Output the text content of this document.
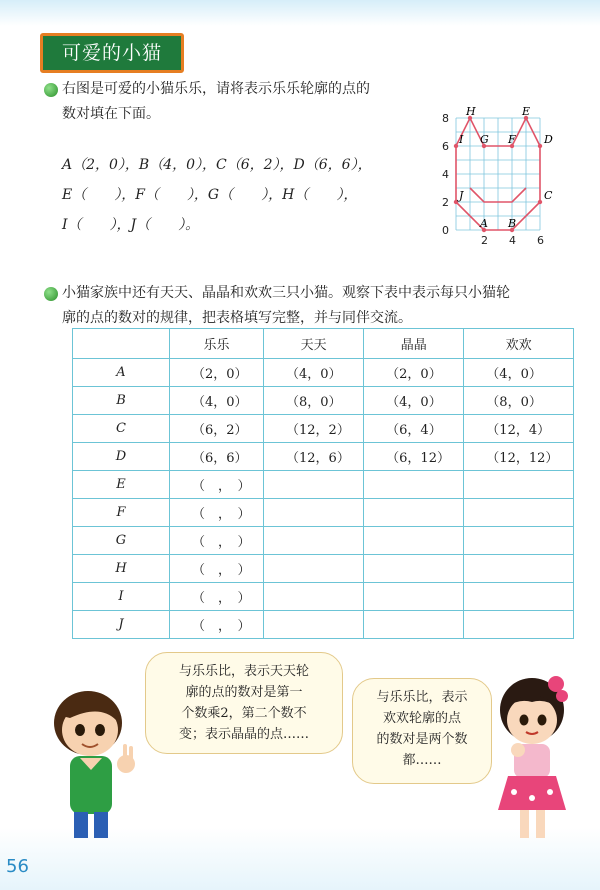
可爱的小猫
右图是可爱的小猫乐乐，请将表示乐乐轮廓的点的
数对填在下面。
A（2，0），B（4，0），C（6，2），D（6，6），
E（　　），F（　　），G（　　），H（　　），
I（　　），J（　　）。
8
6
4
2
0
2 4 6
H	E
G F	D
I
J	C
A B
小猫家族中还有天天、晶晶和欢欢三只小猫。观察下表中表示每只小猫轮
廓的点的数对的规律，把表格填写完整，并与同伴交流。
	乐乐	天天	晶晶	欢欢
A	（2，0）	（4，0）	（2，0）	（4，0）
B	（4，0）	（8，0）	（4，0）	（8，0）
C	（6，2）	（12，2）	（6，4）	（12，4）
D	（6，6）	（12，6）	（6，12）	（12，12）
E	（　，　）			
F	（　，　）			
G	（　，　）			
H	（　，　）			
I	（　，　）			
J	（　，　）			
与乐乐比，表示天天轮
廓的点的数对是第一
个数乘2，第二个数不
变；表示晶晶的点……
与乐乐比，表示
欢欢轮廓的点
的数对是两个数
都……
56
